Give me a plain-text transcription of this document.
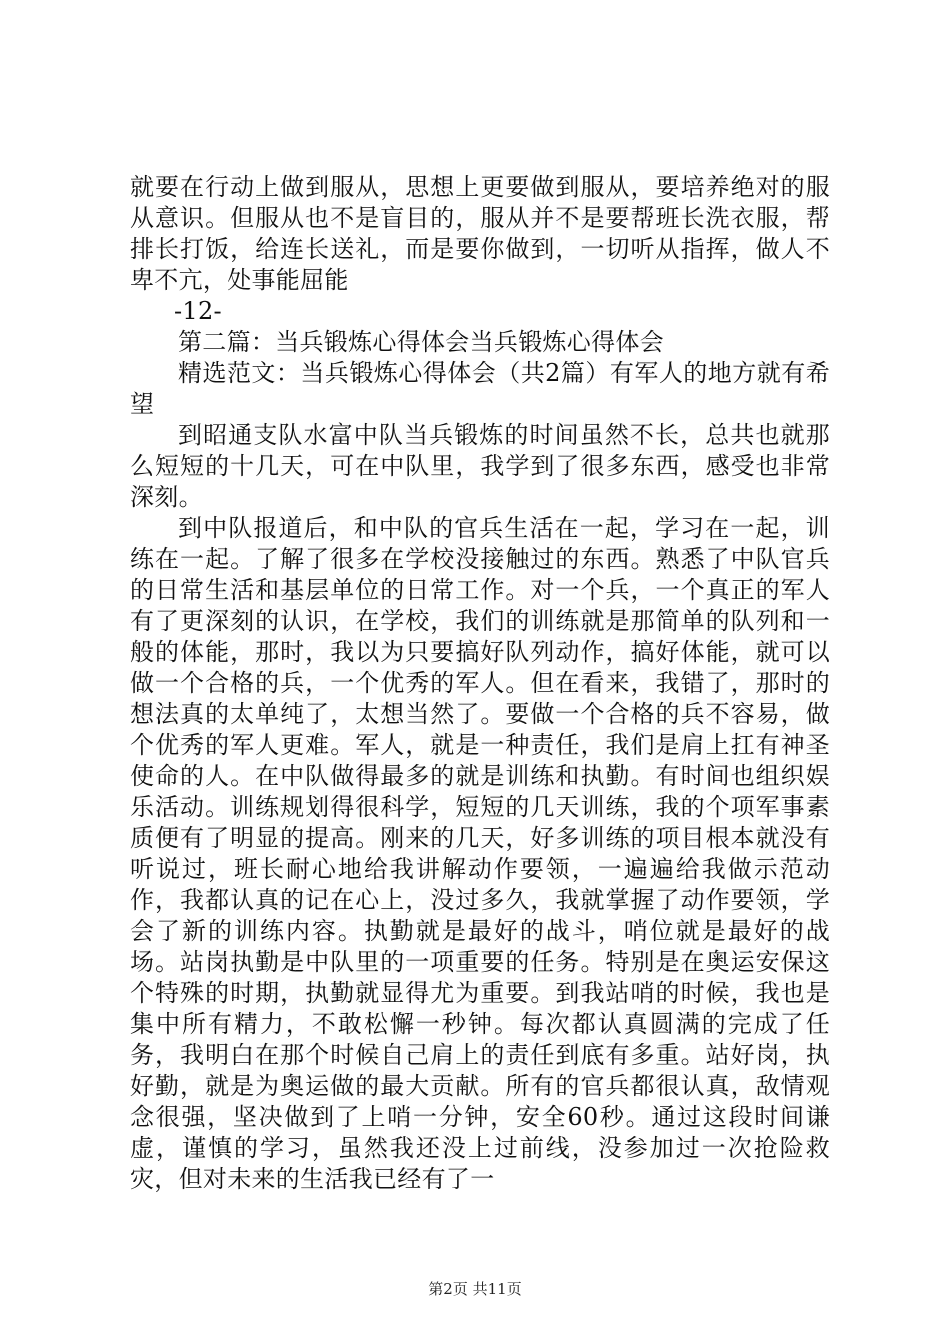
就要在行动上做到服从，思想上更要做到服从，要培养绝对的服从意识。但服从也不是盲目的，服从并不是要帮班长洗衣服，帮排长打饭，给连长送礼，而是要你做到，一切听从指挥，做人不卑不亢，处事能屈能

-12-

第二篇：当兵锻炼心得体会当兵锻炼心得体会

精选范文：当兵锻炼心得体会（共2篇）有军人的地方就有希望

到昭通支队水富中队当兵锻炼的时间虽然不长，总共也就那么短短的十几天，可在中队里，我学到了很多东西，感受也非常深刻。

到中队报道后，和中队的官兵生活在一起，学习在一起，训练在一起。了解了很多在学校没接触过的东西。熟悉了中队官兵的日常生活和基层单位的日常工作。对一个兵，一个真正的军人有了更深刻的认识，在学校，我们的训练就是那简单的队列和一般的体能，那时，我以为只要搞好队列动作，搞好体能，就可以做一个合格的兵，一个优秀的军人。但在看来，我错了，那时的想法真的太单纯了，太想当然了。要做一个合格的兵不容易，做个优秀的军人更难。军人，就是一种责任，我们是肩上扛有神圣使命的人。在中队做得最多的就是训练和执勤。有时间也组织娱乐活动。训练规划得很科学，短短的几天训练，我的个项军事素质便有了明显的提高。刚来的几天，好多训练的项目根本就没有听说过，班长耐心地给我讲解动作要领，一遍遍给我做示范动作，我都认真的记在心上，没过多久，我就掌握了动作要领，学会了新的训练内容。执勤就是最好的战斗，哨位就是最好的战场。站岗执勤是中队里的一项重要的任务。特别是在奥运安保这个特殊的时期，执勤就显得尤为重要。到我站哨的时候，我也是集中所有精力，不敢松懈一秒钟。每次都认真圆满的完成了任务，我明白在那个时候自己肩上的责任到底有多重。站好岗，执好勤，就是为奥运做的最大贡献。所有的官兵都很认真，敌情观念很强，坚决做到了上哨一分钟，安全60秒。通过这段时间谦虚，谨慎的学习，虽然我还没上过前线，没参加过一次抢险救灾，但对未来的生活我已经有了一

第2页 共11页
